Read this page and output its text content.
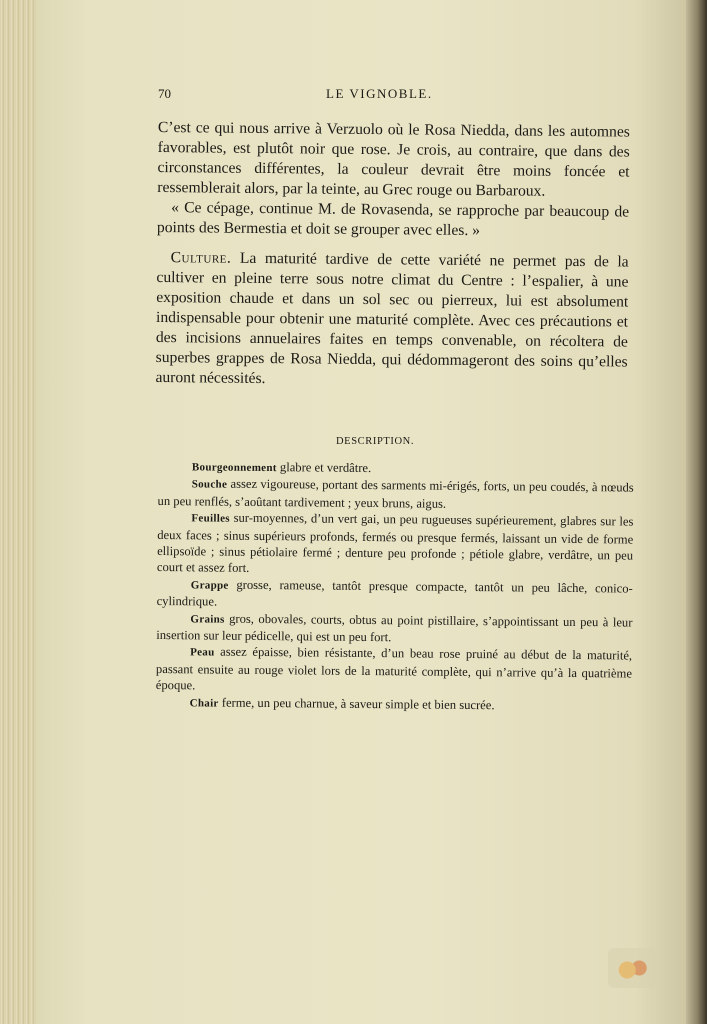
70	LE VIGNOBLE.

C’est ce qui nous arrive à Verzuolo où le Rosa Niedda, dans les automnes favorables, est plutôt noir que rose. Je crois, au contraire, que dans des circonstances différentes, la couleur devrait être moins foncée et ressemblerait alors, par la teinte, au Grec rouge ou Barbaroux.

« Ce cépage, continue M. de Rovasenda, se rapproche par beaucoup de points des Bermestia et doit se grouper avec elles. »

Culture. La maturité tardive de cette variété ne permet pas de la cultiver en pleine terre sous notre climat du Centre : l’espalier, à une exposition chaude et dans un sol sec ou pierreux, lui est absolument indispensable pour obtenir une maturité complète. Avec ces précautions et des incisions annuelaires faites en temps convenable, on récoltera de superbes grappes de Rosa Niedda, qui dédommageront des soins qu’elles auront nécessités.

DESCRIPTION.

Bourgeonnement glabre et verdâtre.

Souche assez vigoureuse, portant des sarments mi-érigés, forts, un peu coudés, à nœuds un peu renflés, s’aoûtant tardivement ; yeux bruns, aigus.

Feuilles sur-moyennes, d’un vert gai, un peu rugueuses supérieurement, glabres sur les deux faces ; sinus supérieurs profonds, fermés ou presque fermés, laissant un vide de forme ellipsoïde ; sinus pétiolaire fermé ; denture peu profonde ; pétiole glabre, verdâtre, un peu court et assez fort.

Grappe grosse, rameuse, tantôt presque compacte, tantôt un peu lâche, conico-cylindrique.

Grains gros, obovales, courts, obtus au point pistillaire, s’appointissant un peu à leur insertion sur leur pédicelle, qui est un peu fort.

Peau assez épaisse, bien résistante, d’un beau rose pruiné au début de la maturité, passant ensuite au rouge violet lors de la maturité complète, qui n’arrive qu’à la quatrième époque.

Chair ferme, un peu charnue, à saveur simple et bien sucrée.
